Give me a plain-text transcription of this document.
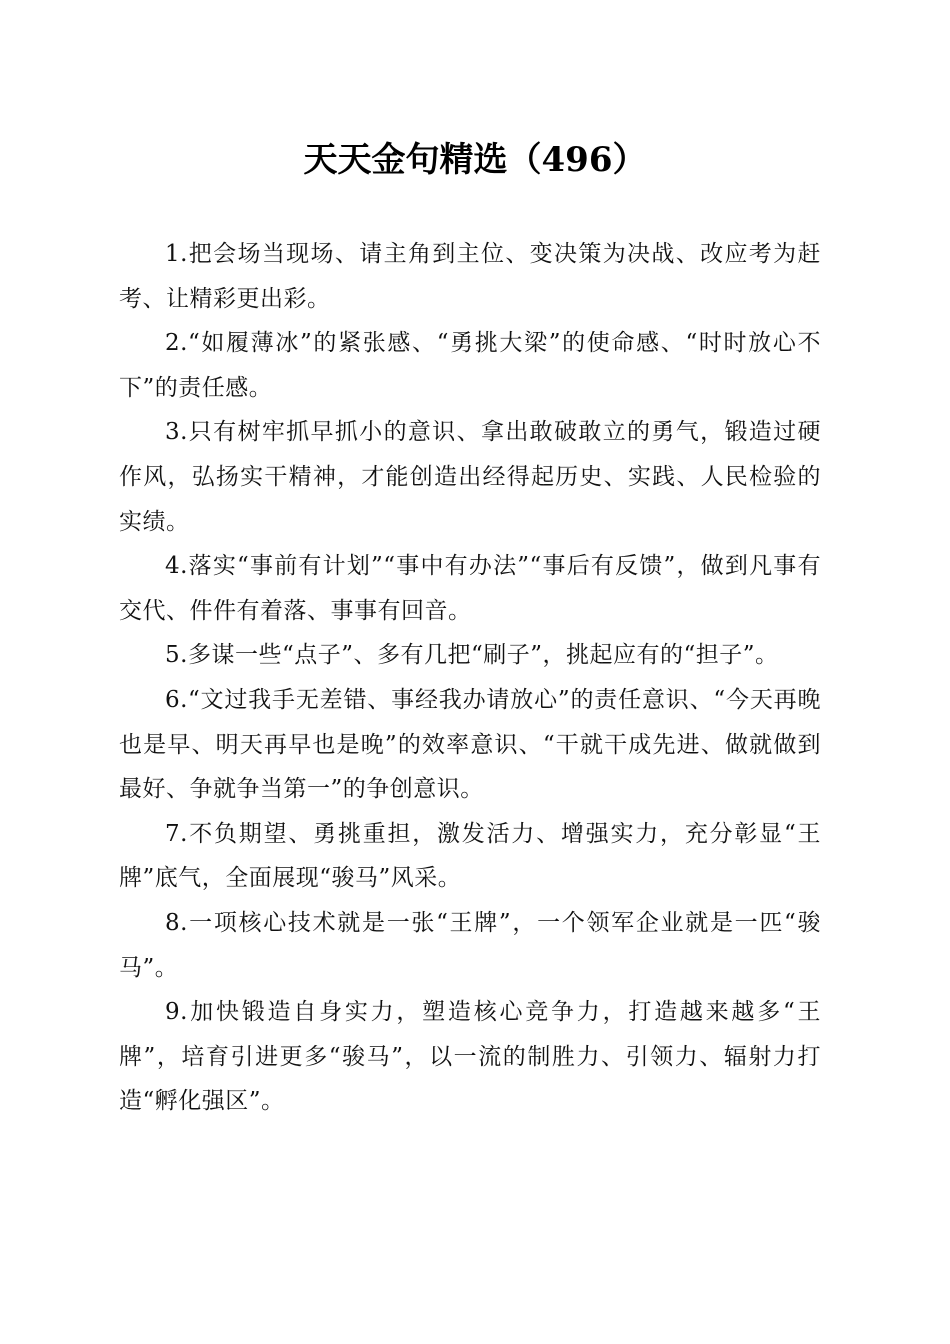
天天金句精选（496）

1.把会场当现场、请主角到主位、变决策为决战、改应考为赶考、让精彩更出彩。

2.“如履薄冰”的紧张感、“勇挑大梁”的使命感、“时时放心不下”的责任感。

3.只有树牢抓早抓小的意识、拿出敢破敢立的勇气，锻造过硬作风，弘扬实干精神，才能创造出经得起历史、实践、人民检验的实绩。

4.落实“事前有计划”“事中有办法”“事后有反馈”，做到凡事有交代、件件有着落、事事有回音。

5.多谋一些“点子”、多有几把“刷子”，挑起应有的“担子”。

6.“文过我手无差错、事经我办请放心”的责任意识、“今天再晚也是早、明天再早也是晚”的效率意识、“干就干成先进、做就做到最好、争就争当第一”的争创意识。

7.不负期望、勇挑重担，激发活力、增强实力，充分彰显“王牌”底气，全面展现“骏马”风采。

8.一项核心技术就是一张“王牌”，一个领军企业就是一匹“骏马”。

9.加快锻造自身实力，塑造核心竞争力，打造越来越多“王牌”，培育引进更多“骏马”，以一流的制胜力、引领力、辐射力打造“孵化强区”。
